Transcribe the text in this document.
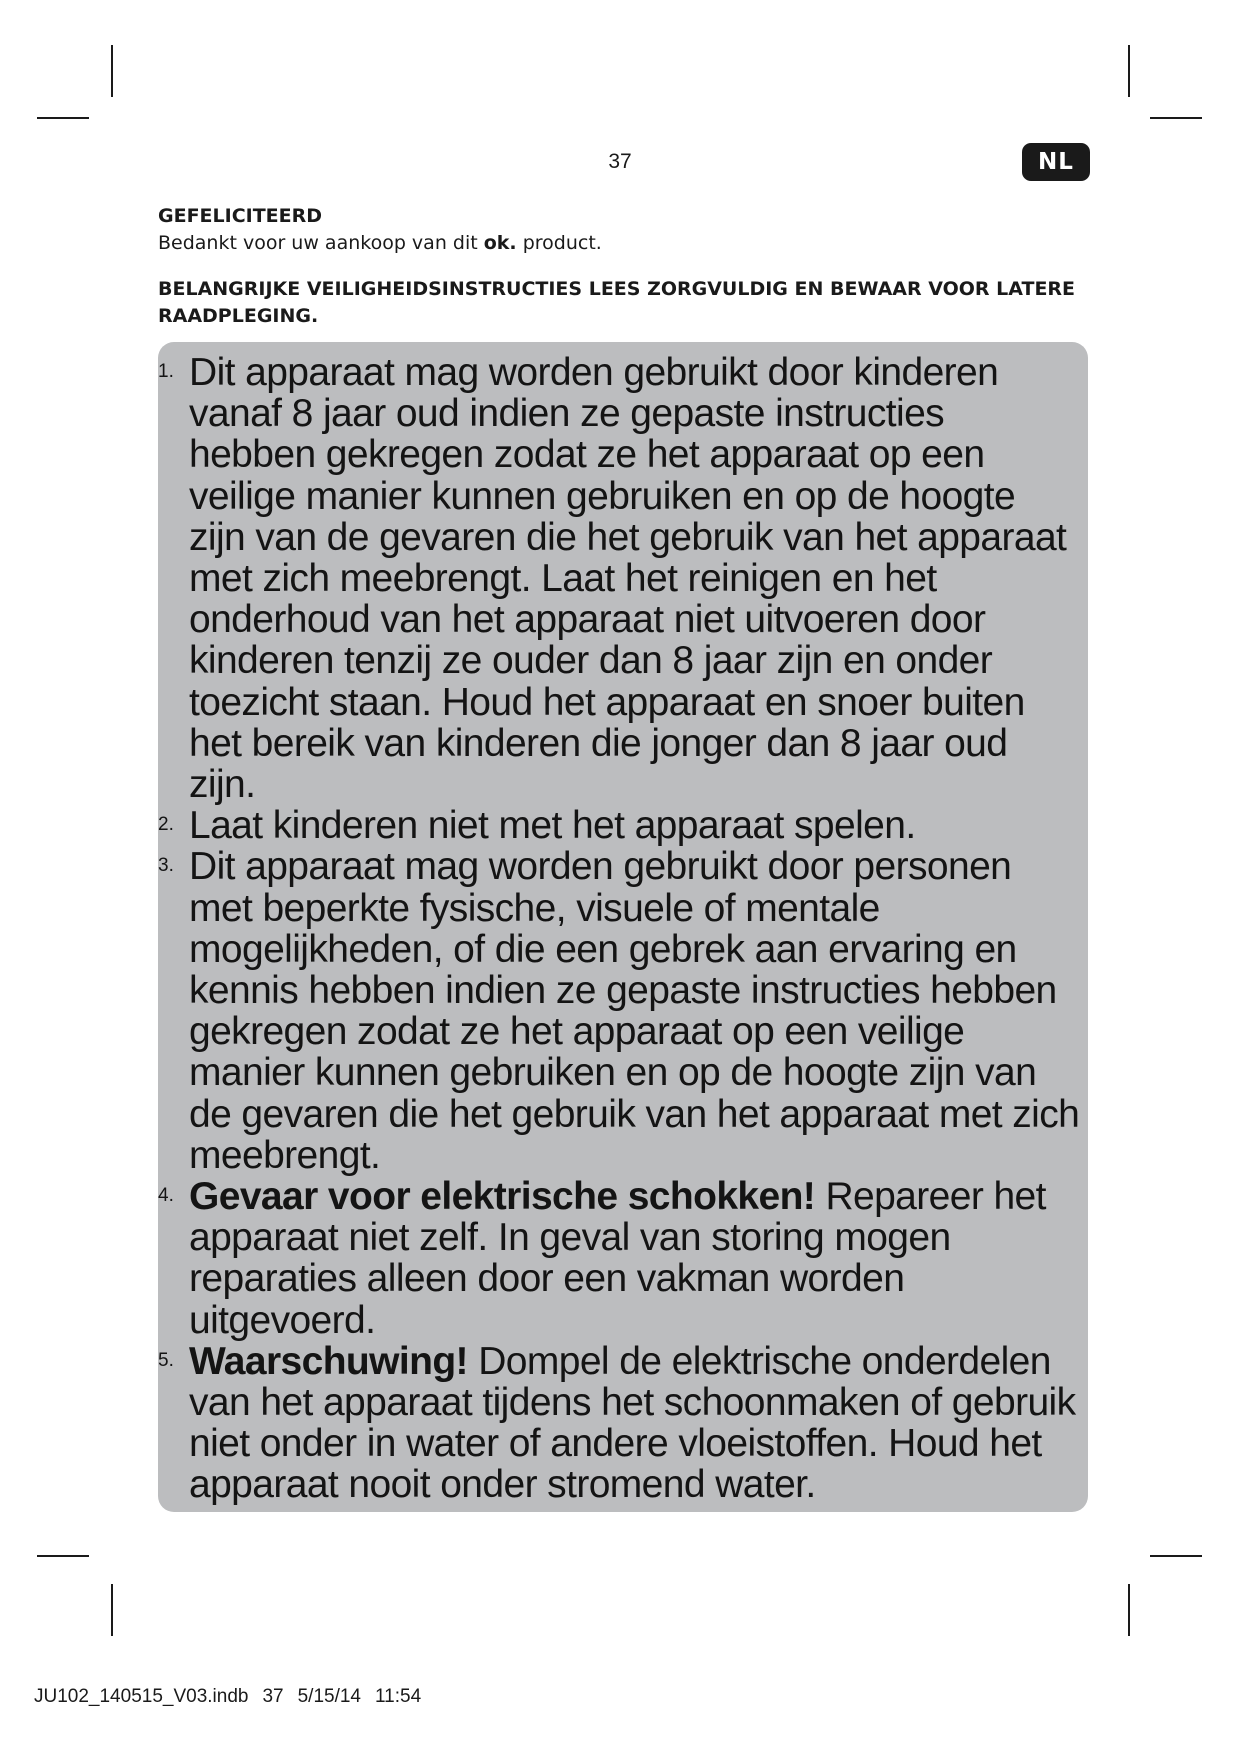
37	NL
GEFELICITEERD
Bedankt voor uw aankoop van dit ok. product.
BELANGRIJKE VEILIGHEIDSINSTRUCTIES LEES ZORGVULDIG EN BEWAAR VOOR LATERE RAADPLEGING.
1. Dit apparaat mag worden gebruikt door kinderen vanaf 8 jaar oud indien ze gepaste instructies hebben gekregen zodat ze het apparaat op een veilige manier kunnen gebruiken en op de hoogte zijn van de gevaren die het gebruik van het apparaat met zich meebrengt. Laat het reinigen en het onderhoud van het apparaat niet uitvoeren door kinderen tenzij ze ouder dan 8 jaar zijn en onder toezicht staan. Houd het apparaat en snoer buiten het bereik van kinderen die jonger dan 8 jaar oud zijn.
2. Laat kinderen niet met het apparaat spelen.
3. Dit apparaat mag worden gebruikt door personen met beperkte fysische, visuele of mentale mogelijkheden, of die een gebrek aan ervaring en kennis hebben indien ze gepaste instructies hebben gekregen zodat ze het apparaat op een veilige manier kunnen gebruiken en op de hoogte zijn van de gevaren die het gebruik van het apparaat met zich meebrengt.
4. Gevaar voor elektrische schokken! Repareer het apparaat niet zelf. In geval van storing mogen reparaties alleen door een vakman worden uitgevoerd.
5. Waarschuwing! Dompel de elektrische onderdelen van het apparaat tijdens het schoonmaken of gebruik niet onder in water of andere vloeistoffen. Houd het apparaat nooit onder stromend water.
JU102_140515_V03.indb 37 5/15/14 11:54
